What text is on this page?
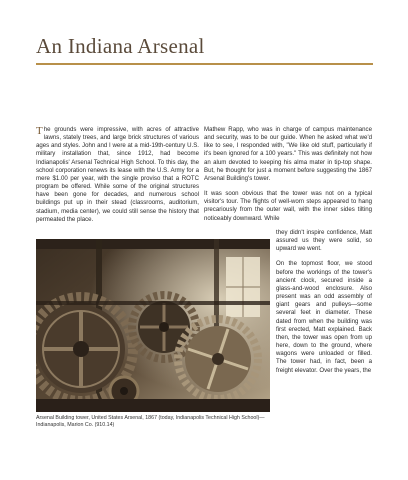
An Indiana Arsenal

The grounds were impressive, with acres of attractive lawns, stately trees, and large brick structures of various ages and styles. John and I were at a mid-19th-century U.S. military installation that, since 1912, had become Indianapolis' Arsenal Technical High School. To this day, the school corporation renews its lease with the U.S. Army for a mere $1.00 per year, with the single proviso that a ROTC program be offered. While some of the original structures have been gone for decades, and numerous school buildings put up in their stead (classrooms, auditorium, stadium, media center), we could still sense the history that permeated the place.

Mathew Rapp, who was in charge of campus maintenance and security, was to be our guide. When he asked what we'd like to see, I responded with, "We like old stuff, particularly if it's been ignored for a 100 years." This was definitely not how an alum devoted to keeping his alma mater in tip-top shape. But, he thought for just a moment before suggesting the 1867 Arsenal Building's tower.

It was soon obvious that the tower was not on a typical visitor's tour. The flights of well-worn steps appeared to hang precariously from the outer wall, with the inner sides tilting noticeably downward. While

they didn't inspire confidence, Matt assured us they were solid, so upward we went.

On the topmost floor, we stood before the workings of the tower's ancient clock, secured inside a glass-and-wood enclosure. Also present was an odd assembly of giant gears and pulleys—some several feet in diameter. These dated from when the building was first erected, Matt explained. Back then, the tower was open from up here, down to the ground, where wagons were unloaded or filled. The tower had, in fact, been a freight elevator. Over the years, the

Arsenal Building tower, United States Arsenal, 1867 (today, Indianapolis Technical High School)—Indianapolis, Marion Co. (910.14)
